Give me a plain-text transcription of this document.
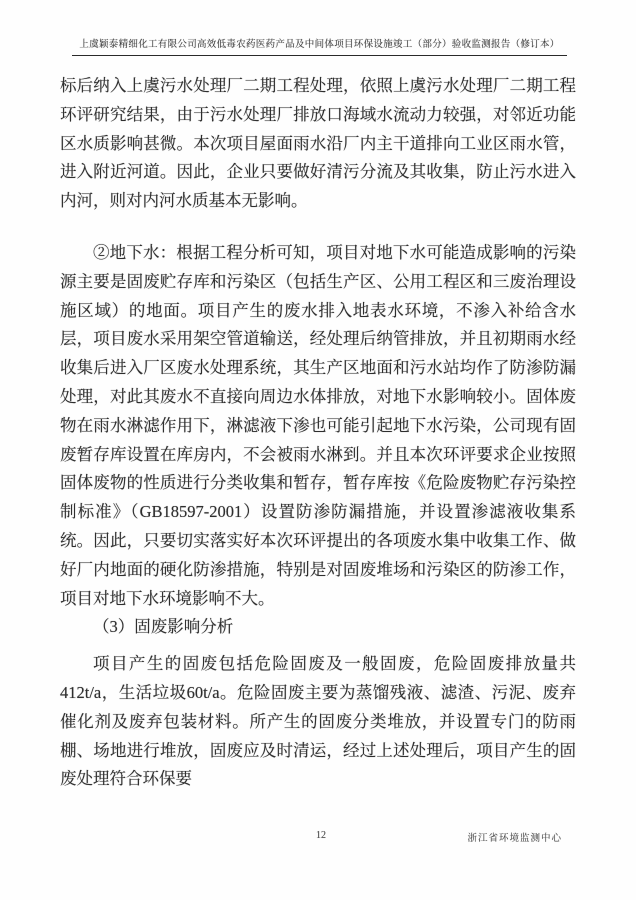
上虞颖泰精细化工有限公司高效低毒农药医药产品及中间体项目环保设施竣工（部分）验收监测报告（修订本）

标后纳入上虞污水处理厂二期工程处理，依照上虞污水处理厂二期工程环评研究结果，由于污水处理厂排放口海域水流动力较强，对邻近功能区水质影响甚微。本次项目屋面雨水沿厂内主干道排向工业区雨水管，进入附近河道。因此，企业只要做好清污分流及其收集，防止污水进入内河，则对内河水质基本无影响。

②地下水：根据工程分析可知，项目对地下水可能造成影响的污染源主要是固废贮存库和污染区（包括生产区、公用工程区和三废治理设施区域）的地面。项目产生的废水排入地表水环境，不渗入补给含水层，项目废水采用架空管道输送，经处理后纳管排放，并且初期雨水经收集后进入厂区废水处理系统，其生产区地面和污水站均作了防渗防漏处理，对此其废水不直接向周边水体排放，对地下水影响较小。固体废物在雨水淋滤作用下，淋滤液下渗也可能引起地下水污染，公司现有固废暂存库设置在库房内，不会被雨水淋到。并且本次环评要求企业按照固体废物的性质进行分类收集和暂存，暂存库按《危险废物贮存污染控制标准》（GB18597-2001）设置防渗防漏措施，并设置渗滤液收集系统。因此，只要切实落实好本次环评提出的各项废水集中收集工作、做好厂内地面的硬化防渗措施，特别是对固废堆场和污染区的防渗工作，项目对地下水环境影响不大。

（3）固废影响分析

项目产生的固废包括危险固废及一般固废，危险固废排放量共412t/a，生活垃圾60t/a。危险固废主要为蒸馏残液、滤渣、污泥、废弃催化剂及废弃包装材料。所产生的固废分类堆放，并设置专门的防雨棚、场地进行堆放，固废应及时清运，经过上述处理后，项目产生的固废处理符合环保要

12	浙江省环境监测中心
